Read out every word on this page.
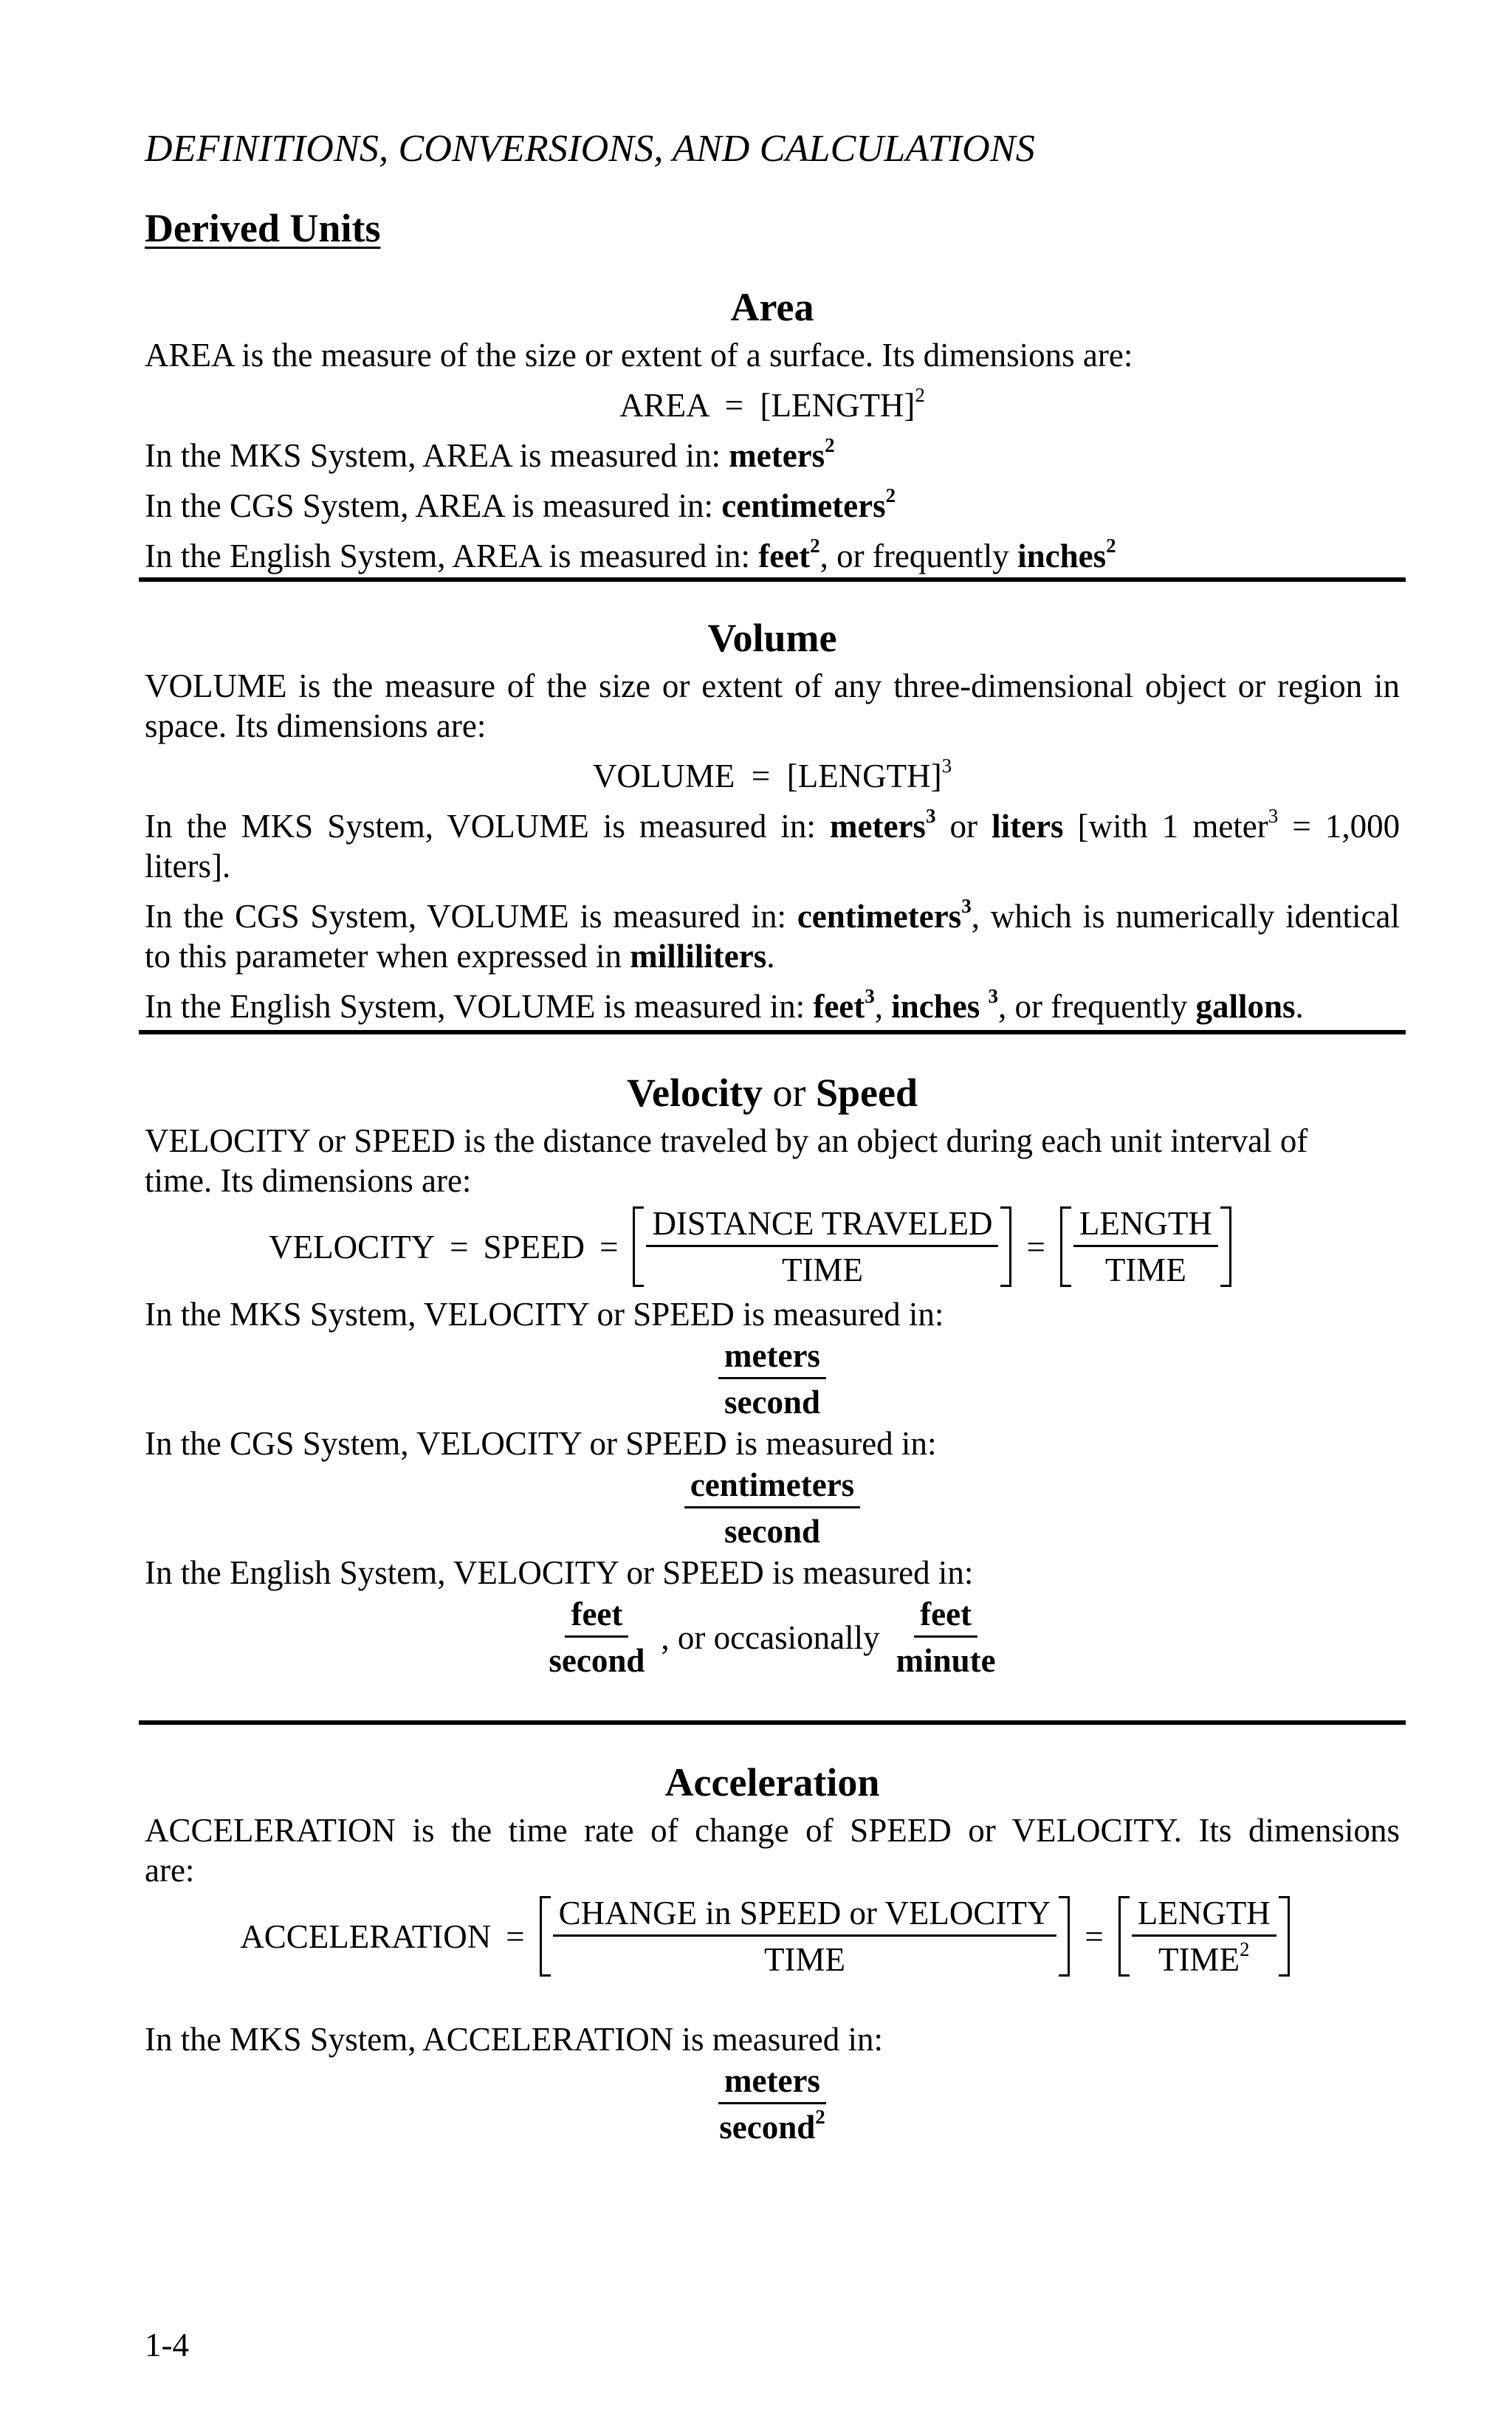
DEFINITIONS, CONVERSIONS, AND CALCULATIONS
Derived Units
Area

AREA is the measure of the size or extent of a surface. Its dimensions are:

AREA = [LENGTH]$^2$

In the MKS System, AREA is measured in: meters$^2$

In the CGS System, AREA is measured in: centimeters$^2$

In the English System, AREA is measured in: feet$^2$, or frequently inches$^2$

Volume

VOLUME is the measure of the size or extent of any three-dimensional object or region in

space. Its dimensions are:

VOLUME = [LENGTH]$^3$

In the MKS System, VOLUME is measured in: meters$^3$ or liters [with 1 meter$^3$ = 1,000

liters].

In the CGS System, VOLUME is measured in: centimeters$^3$, which is numerically identical

to this parameter when expressed in milliliters.

In the English System, VOLUME is measured in: feet$^3$, inches $^3$, or frequently gallons.

Velocity or Speed

VELOCITY or SPEED is the distance traveled by an object during each unit interval of

time. Its dimensions are:

VELOCITY = SPEED = $\frac{\text{DISTANCE TRAVELED}}{\text{TIME}} = \frac{\text{LENGTH}}{\text{TIME}}$

In the MKS System, VELOCITY or SPEED is measured in:

$\frac{\text{meters}}{\text{second}}$

In the CGS System, VELOCITY or SPEED is measured in:

$\frac{\text{centimeters}}{\text{second}}$

In the English System, VELOCITY or SPEED is measured in:

$\frac{\text{feet}}{\text{second}}$ , or occasionally $\frac{\text{feet}}{\text{minute}}$
Acceleration

ACCELERATION is the time rate of change of SPEED or VELOCITY. Its dimensions

are:

ACCELERATION = $\frac{\text{CHANGE in SPEED or VELOCITY}}{\text{TIME}} = \frac{\text{LENGTH}}{TIME^2}$

In the MKS System, ACCELERATION is measured in:

$\frac{\text{meters}}{second^2}$
1-4
